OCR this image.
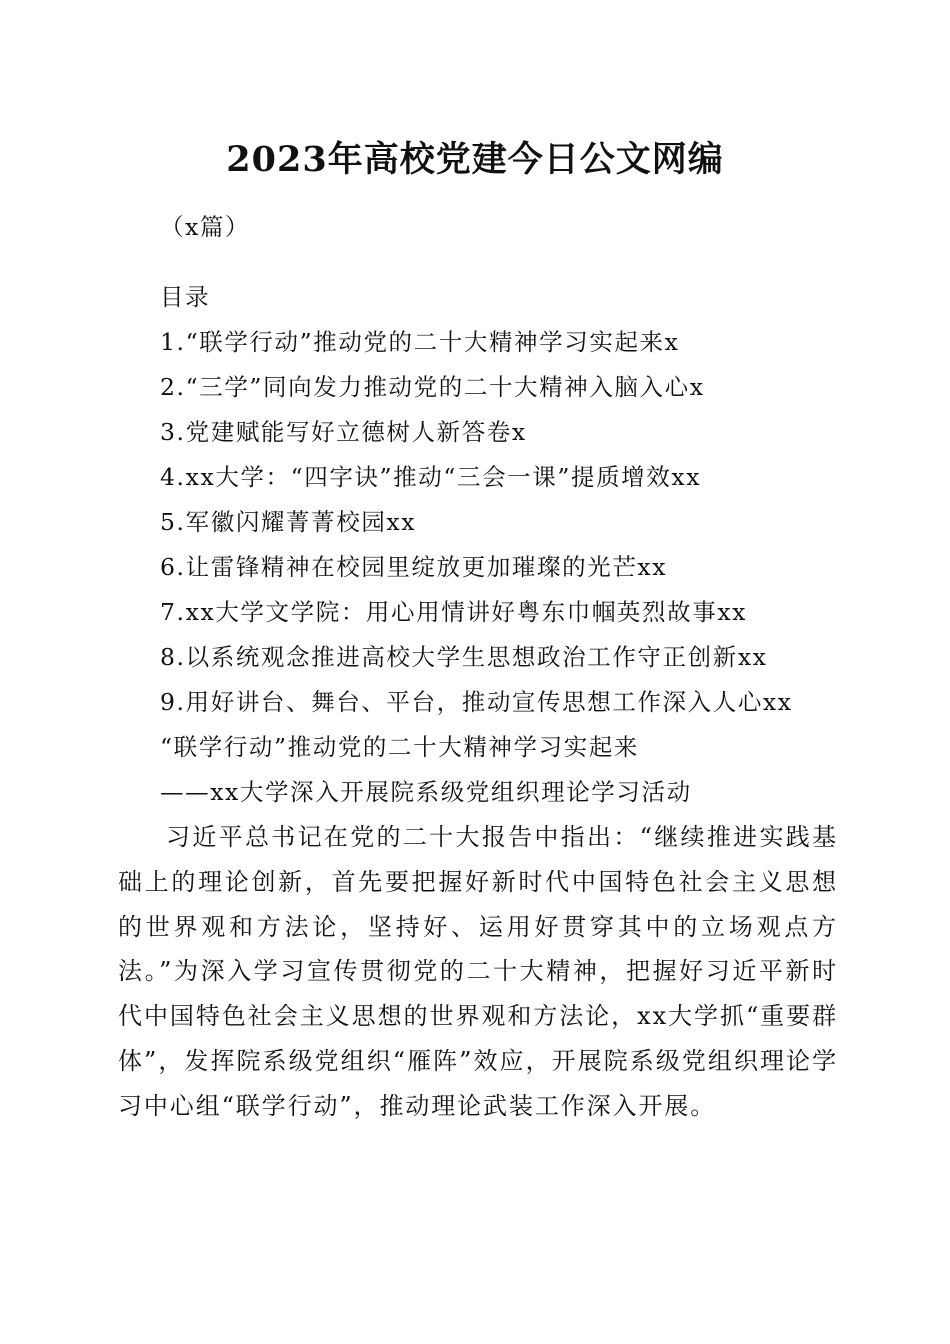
2023年高校党建今日公文网编
（x篇）
目录
1.“联学行动”推动党的二十大精神学习实起来x
2.“三学”同向发力推动党的二十大精神入脑入心x
3.党建赋能写好立德树人新答卷x
4.xx大学：“四字诀”推动“三会一课”提质增效xx
5.军徽闪耀菁菁校园xx
6.让雷锋精神在校园里绽放更加璀璨的光芒xx
7.xx大学文学院：用心用情讲好粤东巾帼英烈故事xx
8.以系统观念推进高校大学生思想政治工作守正创新xx
9.用好讲台、舞台、平台，推动宣传思想工作深入人心xx
“联学行动”推动党的二十大精神学习实起来
——xx大学深入开展院系级党组织理论学习活动
习近平总书记在党的二十大报告中指出：“继续推进实践基础上的理论创新，首先要把握好新时代中国特色社会主义思想的世界观和方法论，坚持好、运用好贯穿其中的立场观点方法。”为深入学习宣传贯彻党的二十大精神，把握好习近平新时代中国特色社会主义思想的世界观和方法论，xx大学抓“重要群体”，发挥院系级党组织“雁阵”效应，开展院系级党组织理论学习中心组“联学行动”，推动理论武装工作深入开展。
